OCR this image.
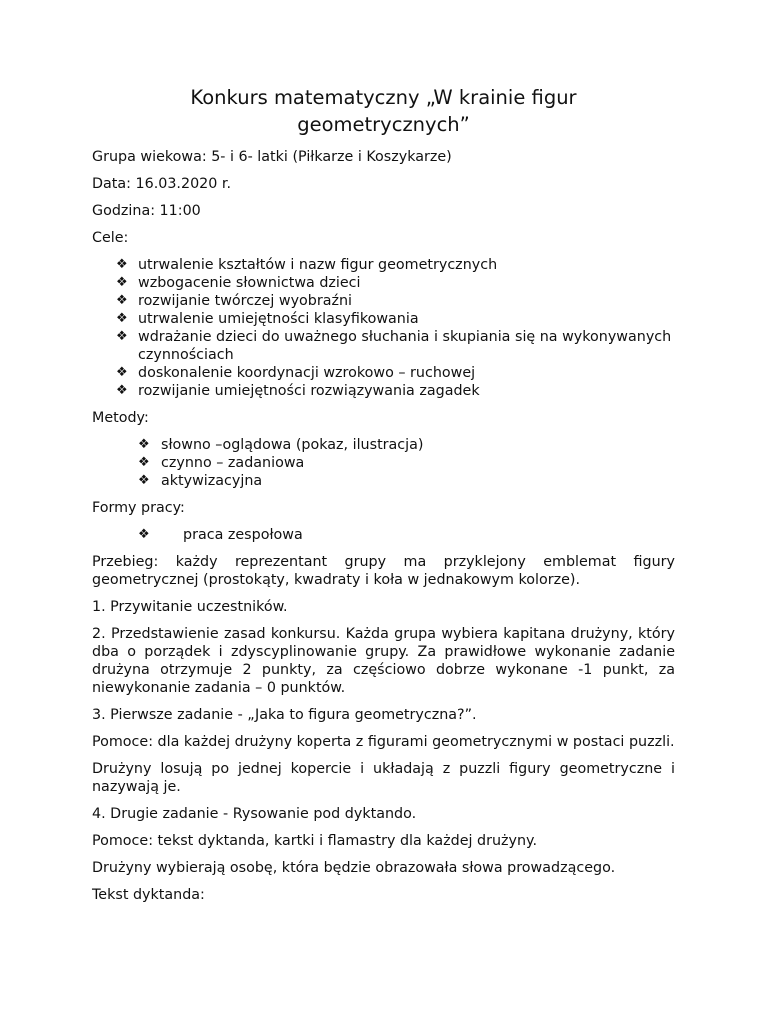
Konkurs matematyczny „W krainie figur
geometrycznych”

Grupa wiekowa: 5- i 6- latki (Piłkarze i Koszykarze)

Data: 16.03.2020 r.

Godzina: 11:00

Cele:

❖ utrwalenie kształtów i nazw figur geometrycznych
❖ wzbogacenie słownictwa dzieci
❖ rozwijanie twórczej wyobraźni
❖ utrwalenie umiejętności klasyfikowania
❖ wdrażanie dzieci do uważnego słuchania i skupiania się na wykonywanych czynnościach
❖ doskonalenie koordynacji wzrokowo – ruchowej
❖ rozwijanie umiejętności rozwiązywania zagadek

Metody:

❖ słowno –oglądowa (pokaz, ilustracja)
❖ czynno – zadaniowa
❖ aktywizacyjna

Formy pracy:

❖ praca zespołowa

Przebieg: każdy reprezentant grupy ma przyklejony emblemat figury
geometrycznej (prostokąty, kwadraty i koła w jednakowym kolorze).

1. Przywitanie uczestników.

2. Przedstawienie zasad konkursu. Każda grupa wybiera kapitana drużyny, który dba o porządek i zdyscyplinowanie grupy. Za prawidłowe wykonanie zadanie drużyna otrzymuje 2 punkty, za częściowo dobrze wykonane -1 punkt, za niewykonanie zadania – 0 punktów.

3. Pierwsze zadanie - „Jaka to figura geometryczna?”.

Pomoce: dla każdej drużyny koperta z figurami geometrycznymi w postaci puzzli.

Drużyny losują po jednej kopercie i układają z puzzli figury geometryczne i nazywają je.

4. Drugie zadanie - Rysowanie pod dyktando.

Pomoce: tekst dyktanda, kartki i flamastry dla każdej drużyny.

Drużyny wybierają osobę, która będzie obrazowała słowa prowadzącego.

Tekst dyktanda:
